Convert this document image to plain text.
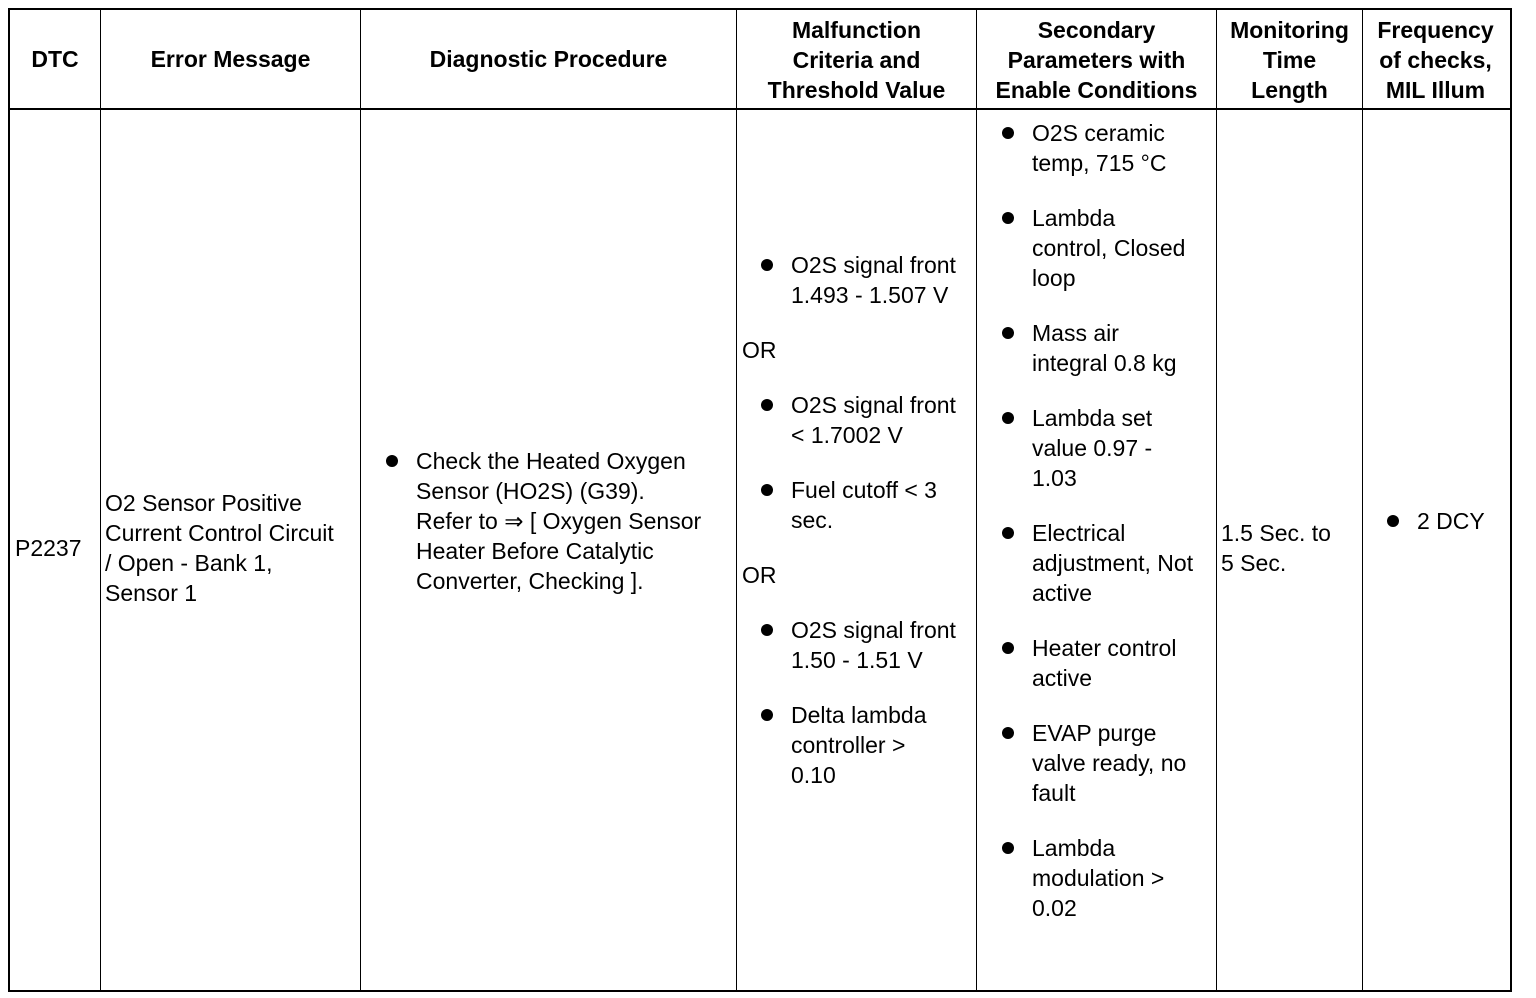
DTC	Error Message	Diagnostic Procedure
Malfunction
Criteria and
Threshold Value
Secondary
Parameters with
Enable Conditions
Monitoring
Time
Length
Frequency
of checks,
MIL Illum
P2237
O2 Sensor Positive
Current Control Circuit
/ Open - Bank 1,
Sensor 1
Check the Heated Oxygen
Sensor (HO2S) (G39).
Refer to ⇒ [ Oxygen Sensor
Heater Before Catalytic
Converter, Checking ].
O2S signal front
1.493 - 1.507 V
OR
O2S signal front
< 1.7002 V
Fuel cutoff < 3
sec.
OR
O2S signal front
1.50 - 1.51 V
Delta lambda
controller >
0.10
O2S ceramic
temp, 715 °C
Lambda
control, Closed
loop
Mass air
integral 0.8 kg
Lambda set
value 0.97 -
1.03
Electrical
adjustment, Not
active
Heater control
active
EVAP purge
valve ready, no
fault
Lambda
modulation >
0.02
1.5 Sec. to
5 Sec.
2 DCY
